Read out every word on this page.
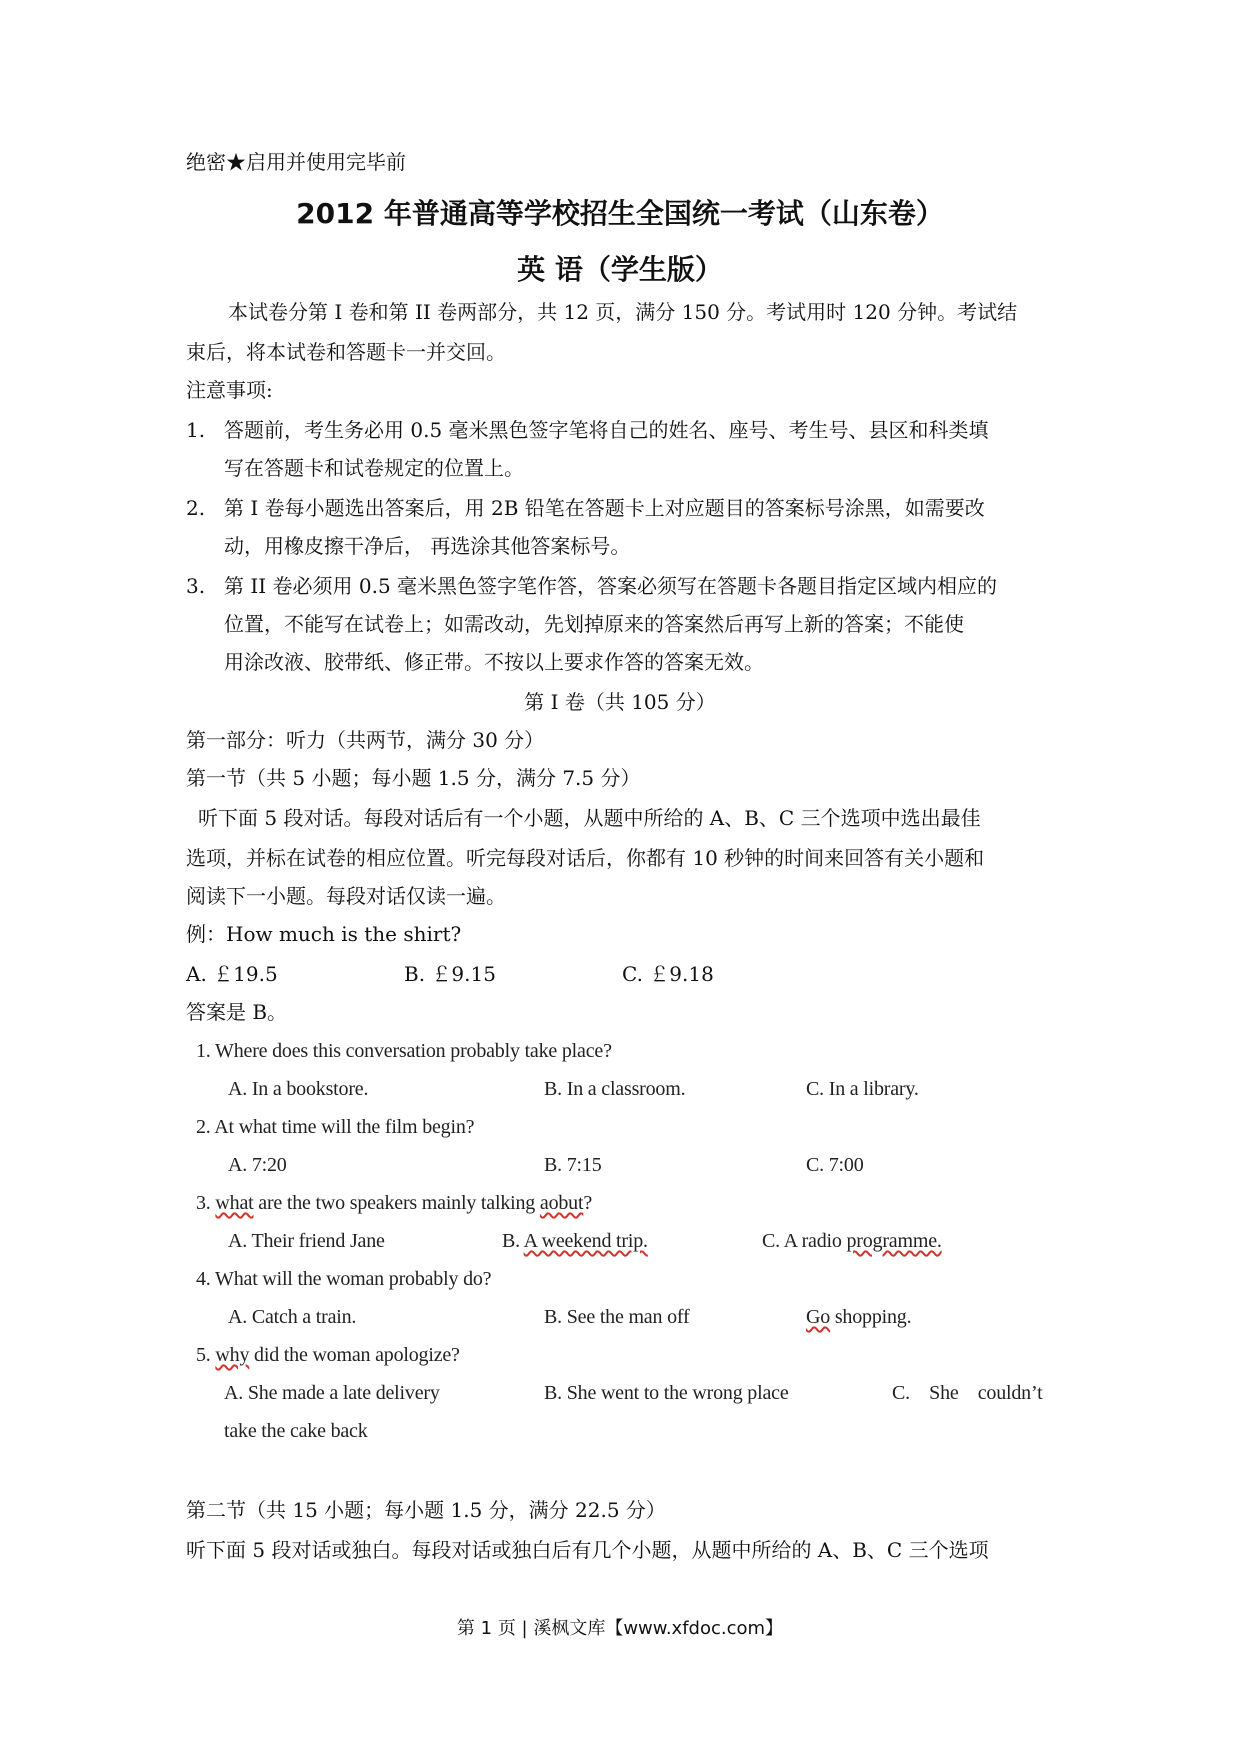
绝密★启用并使用完毕前
2012 年普通高等学校招生全国统一考试（山东卷）
英 语（学生版）
本试卷分第 I 卷和第 II 卷两部分，共 12 页，满分 150 分。考试用时 120 分钟。考试结
束后，将本试卷和答题卡一并交回。
注意事项:
1. 答题前，考生务必用 0.5 毫米黑色签字笔将自己的姓名、座号、考生号、县区和科类填
写在答题卡和试卷规定的位置上。
2. 第 I 卷每小题选出答案后，用 2B 铅笔在答题卡上对应题目的答案标号涂黑，如需要改
动，用橡皮擦干净后， 再选涂其他答案标号。
3. 第 II 卷必须用 0.5 毫米黑色签字笔作答，答案必须写在答题卡各题目指定区域内相应的
位置，不能写在试卷上；如需改动，先划掉原来的答案然后再写上新的答案；不能使
用涂改液、胶带纸、修正带。不按以上要求作答的答案无效。
第 I 卷（共 105 分）
第一部分：听力（共两节，满分 30 分）
第一节（共 5 小题；每小题 1.5 分，满分 7.5 分）
听下面 5 段对话。每段对话后有一个小题，从题中所给的 A、B、C 三个选项中选出最佳
选项，并标在试卷的相应位置。听完每段对话后，你都有 10 秒钟的时间来回答有关小题和
阅读下一小题。每段对话仅读一遍。
例：How much is the shirt?
A. ￡19.5	B. ￡9.15	C. ￡9.18
答案是 B。
1. Where does this conversation probably take place?
A. In a bookstore.	B. In a classroom.	C. In a library.
2. At what time will the film begin?
A. 7:20	B. 7:15	C. 7:00
3. what are the two speakers mainly talking aobut?
A. Their friend Jane	B. A weekend trip.	C. A radio programme.
4. What will the woman probably do?
A. Catch a train.	B. See the man off	Go shopping.
5. why did the woman apologize?
A. She made a late delivery	B. She went to the wrong place	C.    She    couldn’t
take the cake back
第二节（共 15 小题；每小题 1.5 分，满分 22.5 分）
听下面 5 段对话或独白。每段对话或独白后有几个小题，从题中所给的 A、B、C 三个选项
第 1 页 | 溪枫文库【www.xfdoc.com】
